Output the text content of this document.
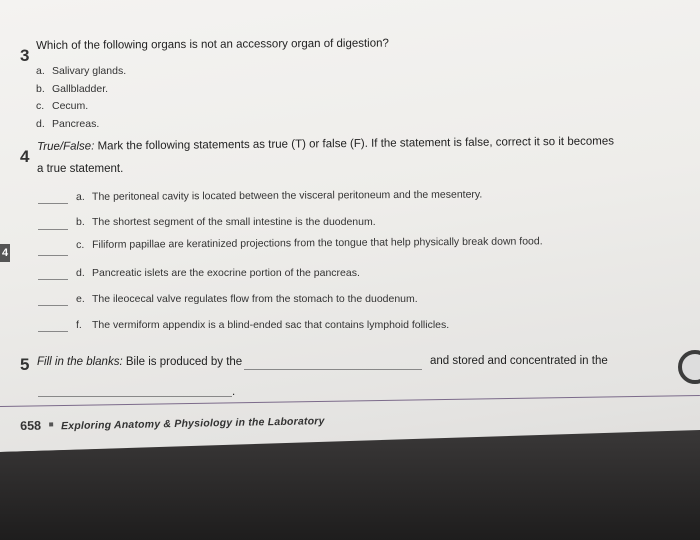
3
Which of the following organs is not an accessory organ of digestion?
a. Salivary glands.
b. Gallbladder.
c. Cecum.
d. Pancreas.
4
True/False: Mark the following statements as true (T) or false (F). If the statement is false, correct it so it becomes
a true statement.
a. The peritoneal cavity is located between the visceral peritoneum and the mesentery.
b. The shortest segment of the small intestine is the duodenum.
c. Filiform papillae are keratinized projections from the tongue that help physically break down food.
d. Pancreatic islets are the exocrine portion of the pancreas.
e. The ileocecal valve regulates flow from the stomach to the duodenum.
f. The vermiform appendix is a blind-ended sac that contains lymphoid follicles.
4
5 Fill in the blanks: Bile is produced by the	and stored and concentrated in the
.
658 Exploring Anatomy & Physiology in the Laboratory
